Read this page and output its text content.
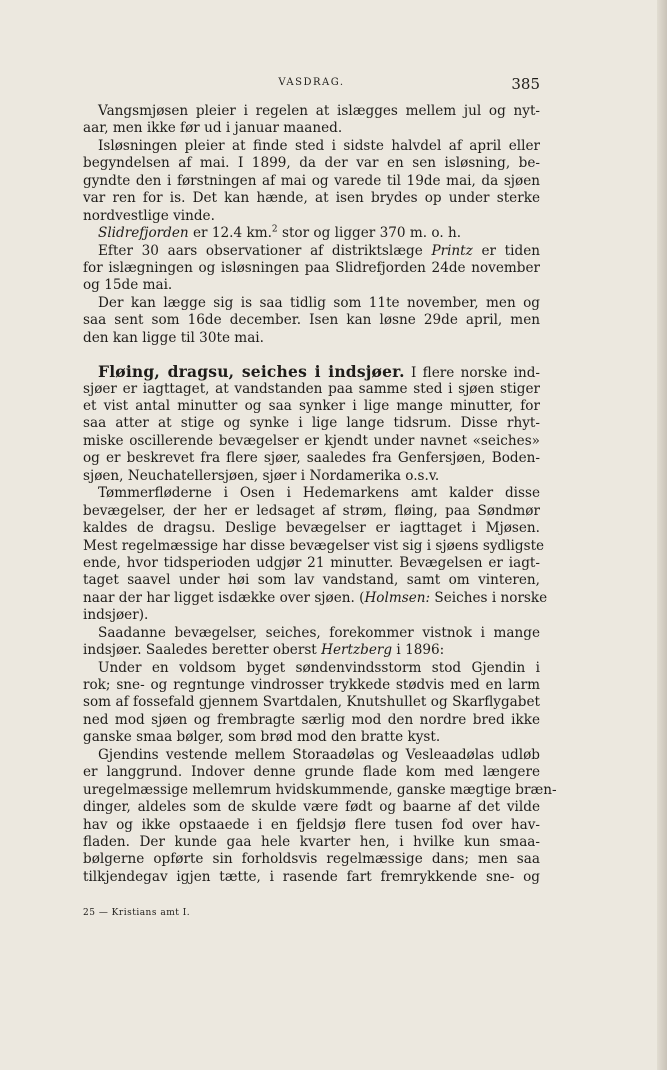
VASDRAG.	385
Vangsmjøsen pleier i regelen at islægges mellem jul og nyt-
aar, men ikke før ud i januar maaned.
Isløsningen pleier at finde sted i sidste halvdel af april eller
begyndelsen af mai. I 1899, da der var en sen isløsning, be-
gyndte den i førstningen af mai og varede til 19de mai, da sjøen
var ren for is. Det kan hænde, at isen brydes op under sterke
nordvestlige vinde.
Slidrefjorden er 12.4 km.$^2$ stor og ligger 370 m. o. h.
Efter 30 aars observationer af distriktslæge Printz er tiden
for islægningen og isløsningen paa Slidrefjorden 24de november
og 15de mai.
Der kan lægge sig is saa tidlig som 11te november, men og
saa sent som 16de december. Isen kan løsne 29de april, men
den kan ligge til 30te mai.
Fløing, dragsu, seiches i indsjøer. I flere norske ind-
sjøer er iagttaget, at vandstanden paa samme sted i sjøen stiger
et vist antal minutter og saa synker i lige mange minutter, for
saa atter at stige og synke i lige lange tidsrum. Disse rhyt-
miske oscillerende bevægelser er kjendt under navnet «seiches»
og er beskrevet fra flere sjøer, saaledes fra Genfersjøen, Boden-
sjøen, Neuchatellersjøen, sjøer i Nordamerika o.s.v.
Tømmerfløderne i Osen i Hedemarkens amt kalder disse
bevægelser, der her er ledsaget af strøm, fløing, paa Søndmør
kaldes de dragsu. Deslige bevægelser er iagttaget i Mjøsen.
Mest regelmæssige har disse bevægelser vist sig i sjøens sydligste
ende, hvor tidsperioden udgjør 21 minutter. Bevægelsen er iagt-
taget saavel under høi som lav vandstand, samt om vinteren,
naar der har ligget isdække over sjøen. (Holmsen: Seiches i norske
indsjøer).
Saadanne bevægelser, seiches, forekommer vistnok i mange
indsjøer. Saaledes beretter oberst Hertzberg i 1896:
Under en voldsom byget søndenvindsstorm stod Gjendin i
rok; sne- og regntunge vindrosser trykkede stødvis med en larm
som af fossefald gjennem Svartdalen, Knutshullet og Skarflygabet
ned mod sjøen og frembragte særlig mod den nordre bred ikke
ganske smaa bølger, som brød mod den bratte kyst.
Gjendins vestende mellem Storaadølas og Vesleaadølas udløb
er langgrund. Indover denne grunde flade kom med længere
uregelmæssige mellemrum hvidskummende, ganske mægtige bræn-
dinger, aldeles som de skulde være født og baarne af det vilde
hav og ikke opstaaede i en fjeldsjø flere tusen fod over hav-
fladen. Der kunde gaa hele kvarter hen, i hvilke kun smaa-
bølgerne opførte sin forholdsvis regelmæssige dans; men saa
tilkjendegav igjen tætte, i rasende fart fremrykkende sne- og
25 — Kristians amt I.
